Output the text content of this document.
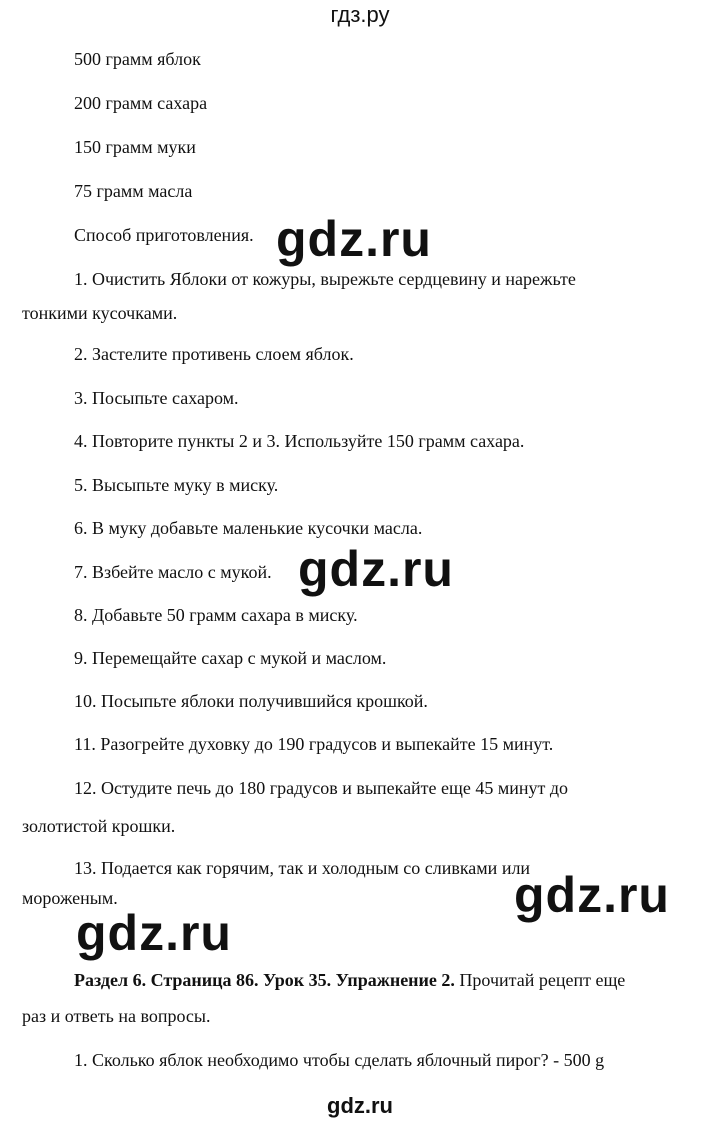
гдз.ру
500 грамм яблок
200 грамм сахара
150 грамм муки
75 грамм масла
Способ приготовления.
1. Очистить Яблоки от кожуры, вырежьте сердцевину и нарежьте
тонкими кусочками.
2. Застелите противень слоем яблок.
3. Посыпьте сахаром.
4. Повторите пункты 2 и 3. Используйте 150 грамм сахара.
5. Высыпьте муку в миску.
6. В муку добавьте маленькие кусочки масла.
7. Взбейте масло с мукой.
8. Добавьте 50 грамм сахара в миску.
9. Перемещайте сахар с мукой и маслом.
10. Посыпьте яблоки получившийся крошкой.
11. Разогрейте духовку до 190 градусов и выпекайте 15 минут.
12. Остудите печь до 180 градусов и выпекайте еще 45 минут до
золотистой крошки.
13. Подается как горячим, так и холодным со сливками или
мороженым.
Раздел 6. Страница 86. Урок 35. Упражнение 2. Прочитай рецепт еще
раз и ответь на вопросы.
1. Сколько яблок необходимо чтобы сделать яблочный пирог? - 500 g
gdz.ru
gdz.ru
gdz.ru
gdz.ru
gdz.ru
